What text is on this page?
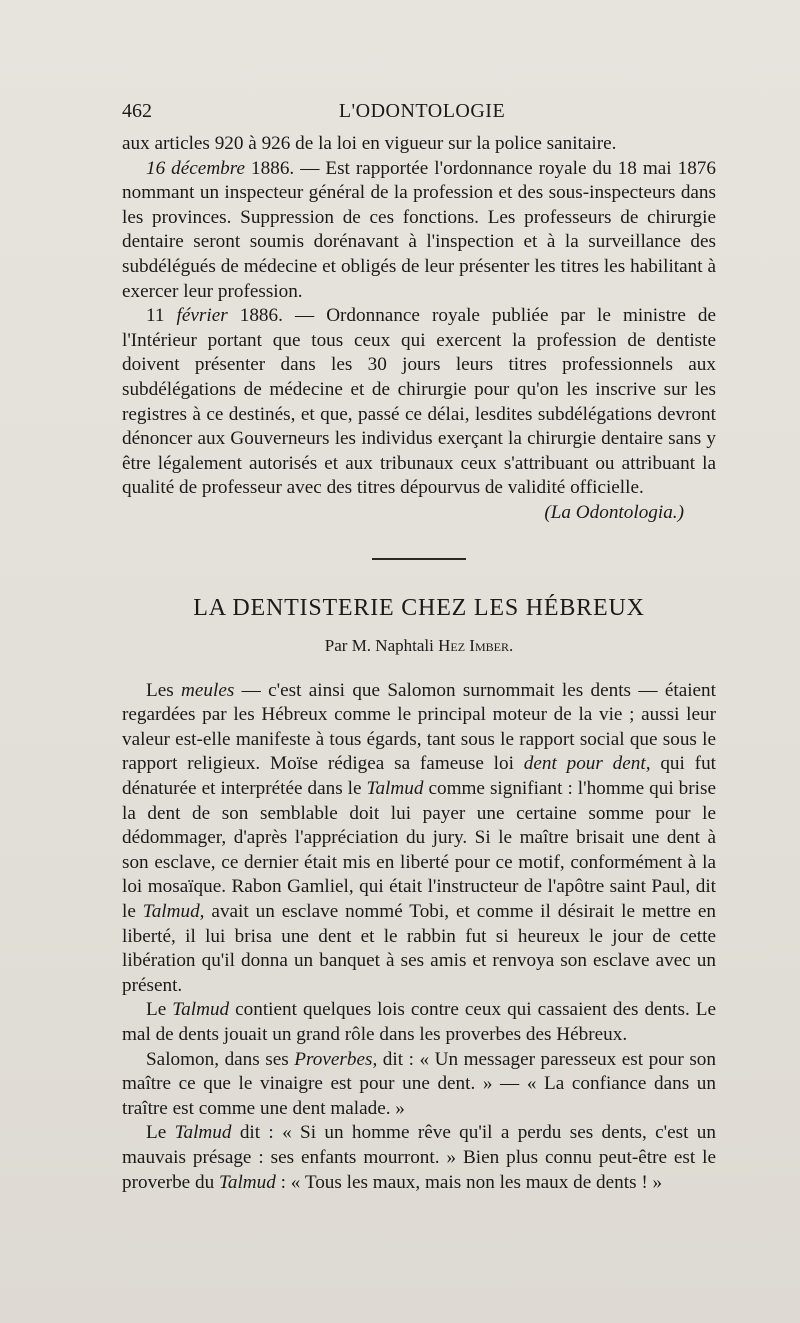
462	L'ODONTOLOGIE

aux articles 920 à 926 de la loi en vigueur sur la police sanitaire.

16 décembre 1886. — Est rapportée l'ordonnance royale du 18 mai 1876 nommant un inspecteur général de la profession et des sous-inspecteurs dans les provinces. Suppression de ces fonctions. Les professeurs de chirurgie dentaire seront soumis dorénavant à l'inspection et à la surveillance des subdélégués de médecine et obligés de leur présenter les titres les habilitant à exercer leur profession.

11 février 1886. — Ordonnance royale publiée par le ministre de l'Intérieur portant que tous ceux qui exercent la profession de dentiste doivent présenter dans les 30 jours leurs titres professionnels aux subdélégations de médecine et de chirurgie pour qu'on les inscrive sur les registres à ce destinés, et que, passé ce délai, lesdites subdélégations devront dénoncer aux Gouverneurs les individus exerçant la chirurgie dentaire sans y être légalement autorisés et aux tribunaux ceux s'attribuant ou attribuant la qualité de professeur avec des titres dépourvus de validité officielle.

(La Odontologia.)

LA DENTISTERIE CHEZ LES HÉBREUX
Par M. Naphtali Hez Imber.

Les meules — c'est ainsi que Salomon surnommait les dents — étaient regardées par les Hébreux comme le principal moteur de la vie ; aussi leur valeur est-elle manifeste à tous égards, tant sous le rapport social que sous le rapport religieux. Moïse rédigea sa fameuse loi dent pour dent, qui fut dénaturée et interprétée dans le Talmud comme signifiant : l'homme qui brise la dent de son semblable doit lui payer une certaine somme pour le dédommager, d'après l'appréciation du jury. Si le maître brisait une dent à son esclave, ce dernier était mis en liberté pour ce motif, conformément à la loi mosaïque. Rabon Gamliel, qui était l'instructeur de l'apôtre saint Paul, dit le Talmud, avait un esclave nommé Tobi, et comme il désirait le mettre en liberté, il lui brisa une dent et le rabbin fut si heureux le jour de cette libération qu'il donna un banquet à ses amis et renvoya son esclave avec un présent.

Le Talmud contient quelques lois contre ceux qui cassaient des dents. Le mal de dents jouait un grand rôle dans les proverbes des Hébreux.

Salomon, dans ses Proverbes, dit : « Un messager paresseux est pour son maître ce que le vinaigre est pour une dent. » — « La confiance dans un traître est comme une dent malade. »

Le Talmud dit : « Si un homme rêve qu'il a perdu ses dents, c'est un mauvais présage : ses enfants mourront. » Bien plus connu peut-être est le proverbe du Talmud : « Tous les maux, mais non les maux de dents ! »
